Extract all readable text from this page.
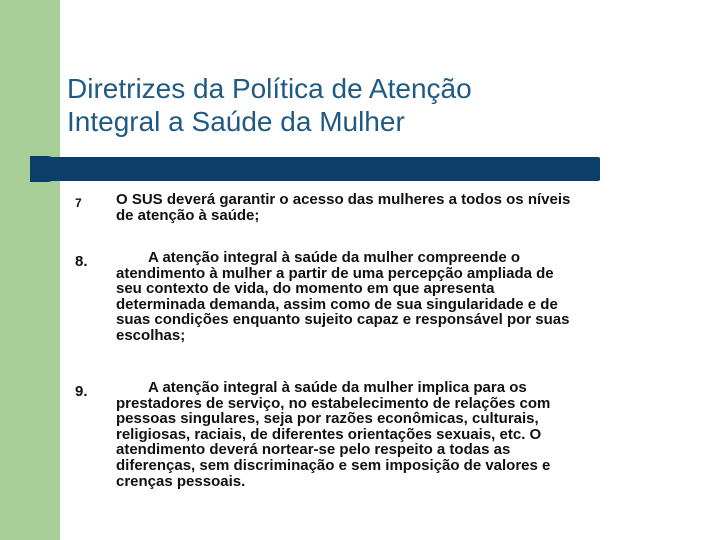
Diretrizes da Política de Atenção
Integral a Saúde da Mulher
7 O SUS deverá garantir o acesso das mulheres a todos os níveis
de atenção à saúde;
8.	A atenção integral à saúde da mulher compreende o
atendimento à mulher a partir de uma percepção ampliada de
seu contexto de vida, do momento em que apresenta
determinada demanda, assim como de sua singularidade e de
suas condições enquanto sujeito capaz e responsável por suas
escolhas;
9.	A atenção integral à saúde da mulher implica para os
prestadores de serviço, no estabelecimento de relações com
pessoas singulares, seja por razões econômicas, culturais,
religiosas, raciais, de diferentes orientações sexuais, etc. O
atendimento deverá nortear-se pelo respeito a todas as
diferenças, sem discriminação e sem imposição de valores e
crenças pessoais.
